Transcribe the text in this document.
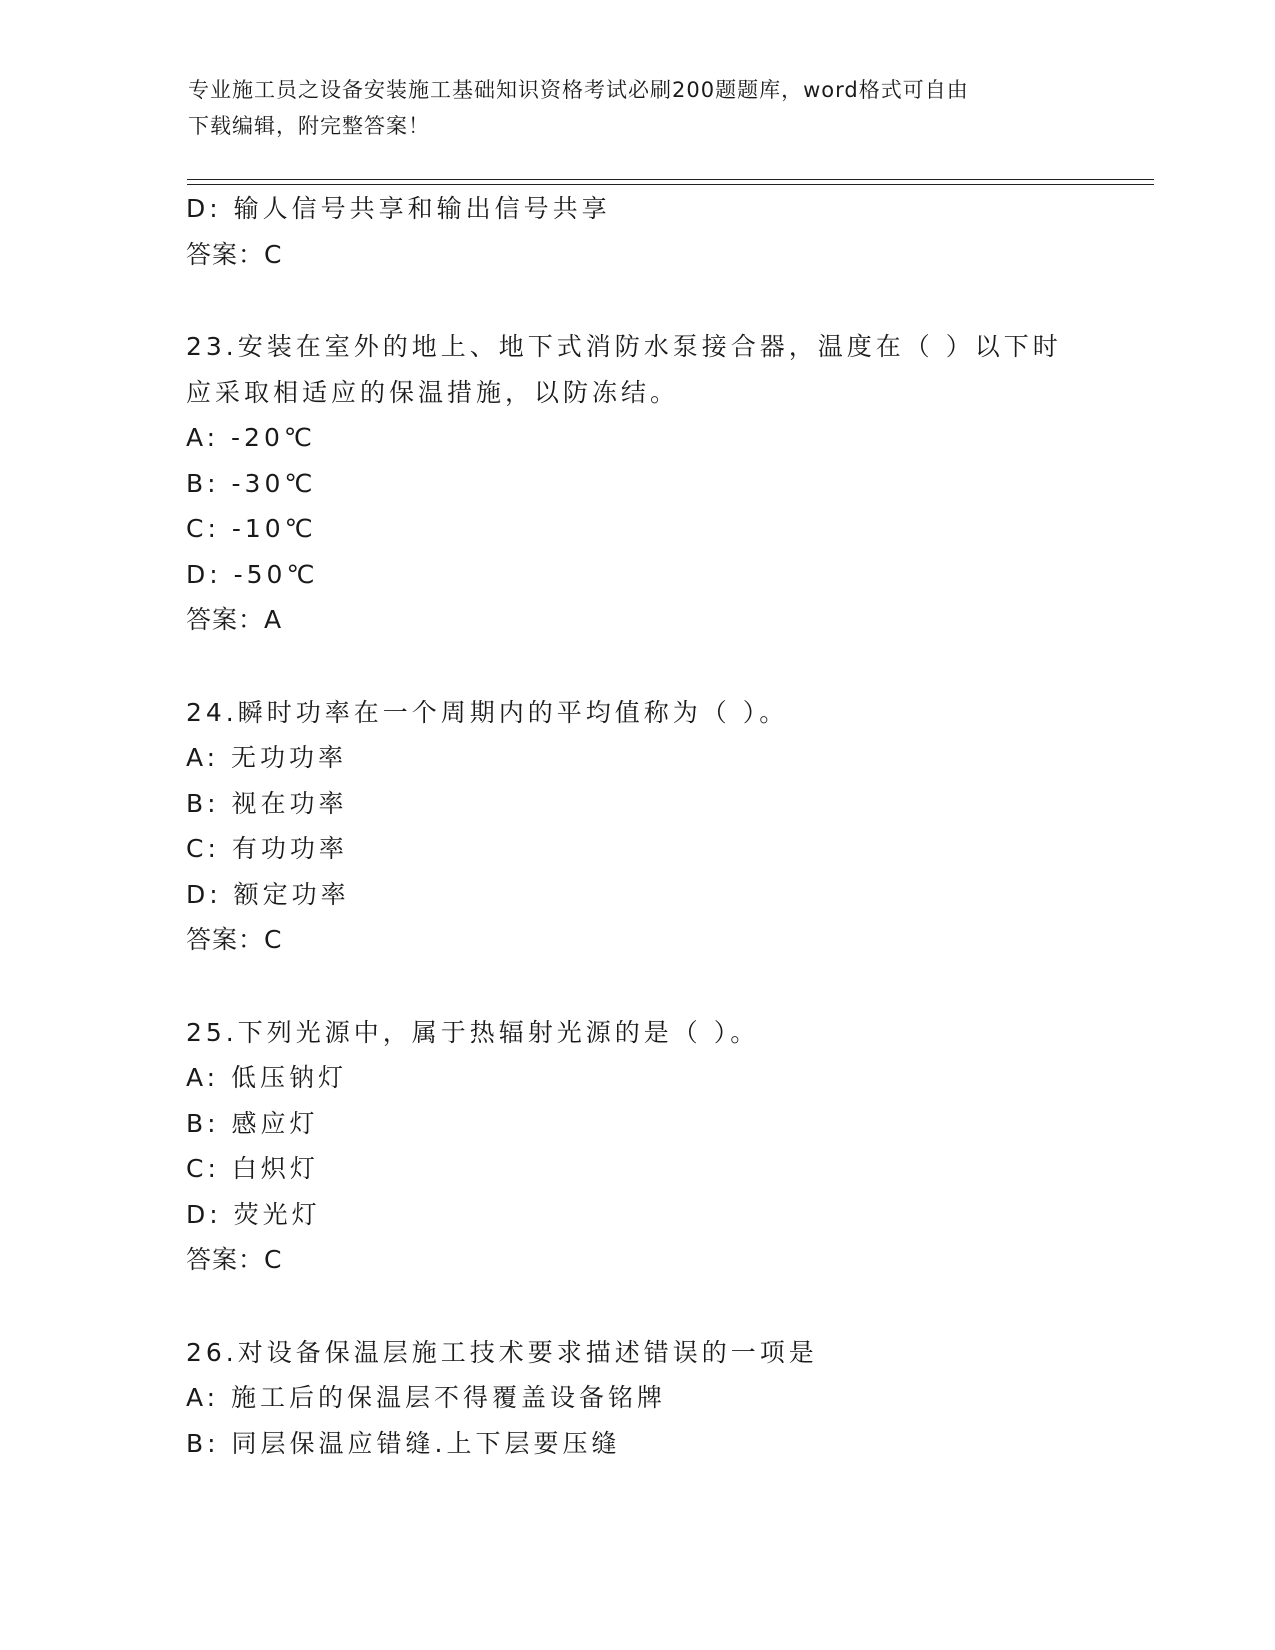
专业施工员之设备安装施工基础知识资格考试必刷200题题库，word格式可自由
下载编辑，附完整答案！
D: 输人信号共享和输出信号共享
答案：C
23.安装在室外的地上、地下式消防水泵接合器，温度在（ ）以下时
应采取相适应的保温措施，以防冻结。
A: -20℃
B: -30℃
C: -10℃
D: -50℃
答案：A
24.瞬时功率在一个周期内的平均值称为（ ）。
A: 无功功率
B: 视在功率
C: 有功功率
D: 额定功率
答案：C
25.下列光源中，属于热辐射光源的是（ ）。
A: 低压钠灯
B: 感应灯
C: 白炽灯
D: 荧光灯
答案：C
26.对设备保温层施工技术要求描述错误的一项是
A: 施工后的保温层不得覆盖设备铭牌
B: 同层保温应错缝.上下层要压缝
